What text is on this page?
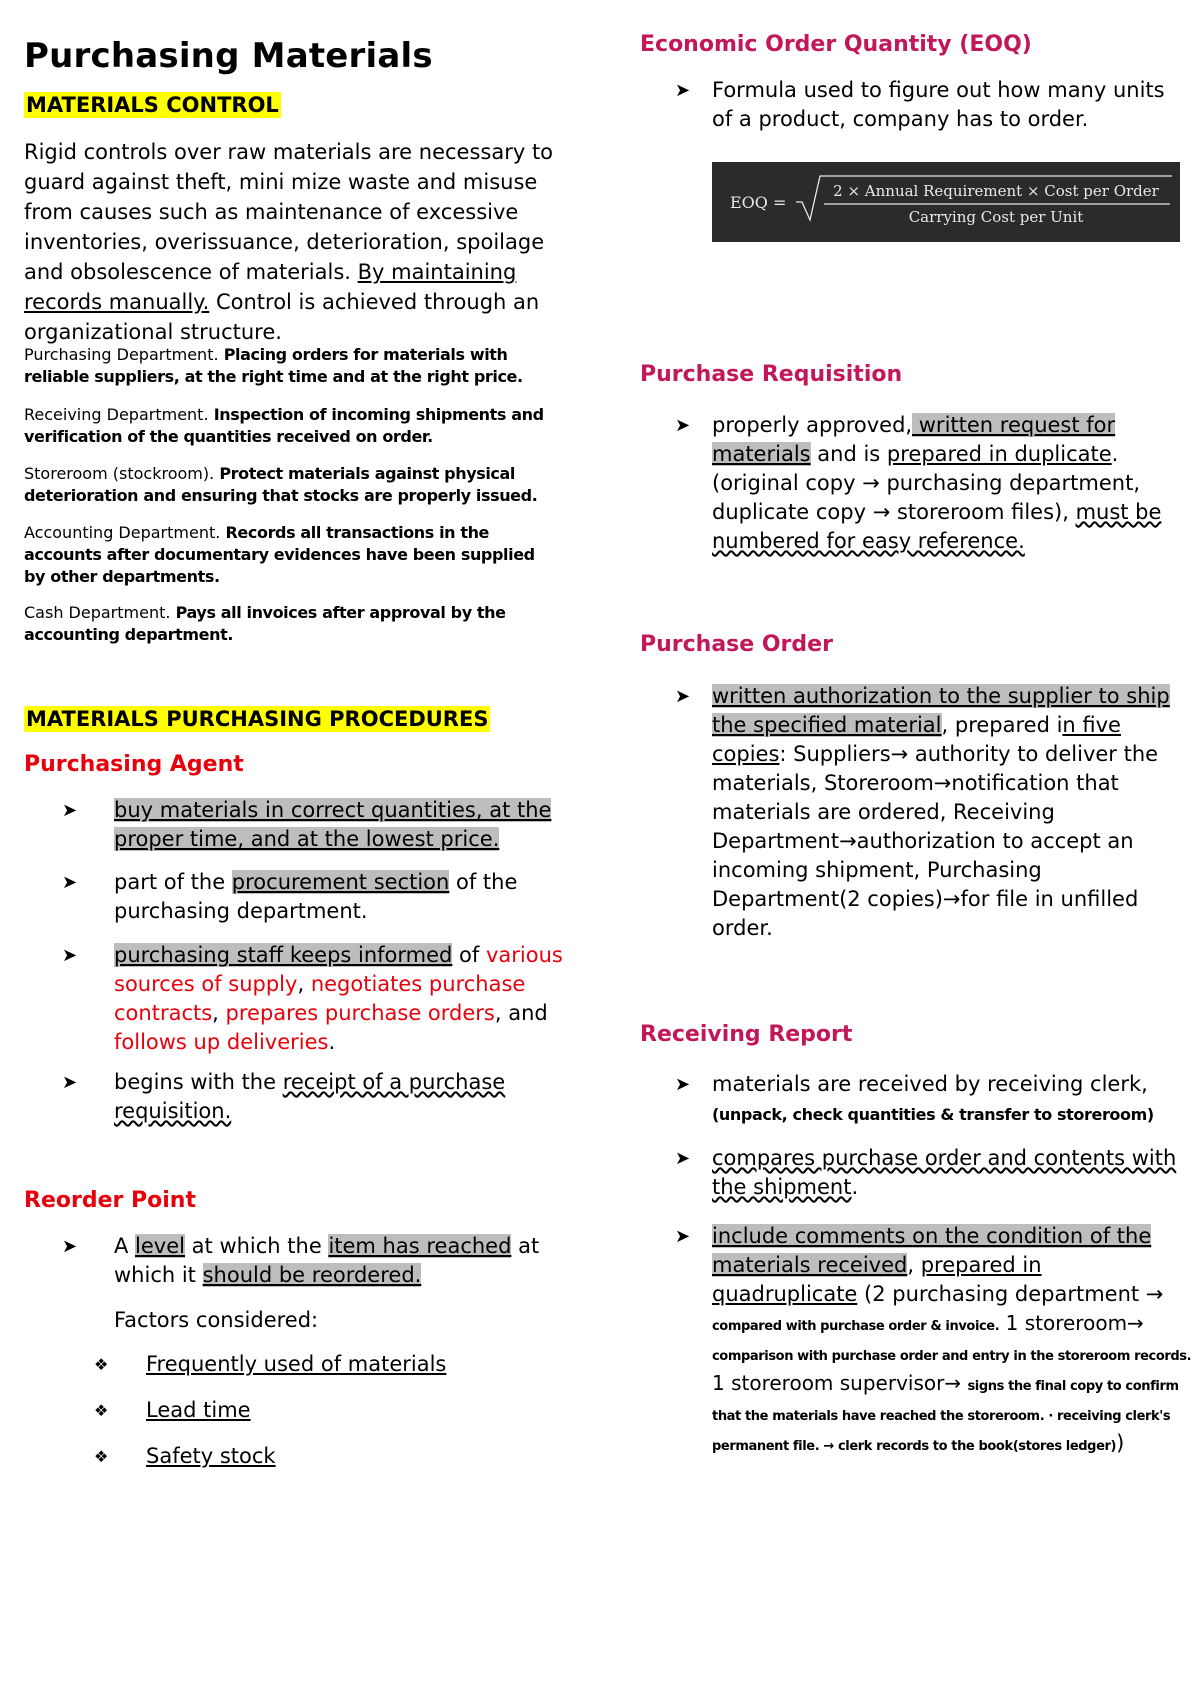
Purchasing Materials
MATERIALS CONTROL
Rigid controls over raw materials are necessary to guard against theft, mini mize waste and misuse from causes such as maintenance of excessive inventories, overissuance, deterioration, spoilage and obsolescence of materials. By maintaining records manually. Control is achieved through an organizational structure.
Purchasing Department. Placing orders for materials with reliable suppliers, at the right time and at the right price.
Receiving Department. Inspection of incoming shipments and verification of the quantities received on order.
Storeroom (stockroom). Protect materials against physical deterioration and ensuring that stocks are properly issued.
Accounting Department. Records all transactions in the accounts after documentary evidences have been supplied by other departments.
Cash Department. Pays all invoices after approval by the accounting department.
MATERIALS PURCHASING PROCEDURES
Purchasing Agent
➤ buy materials in correct quantities, at the proper time, and at the lowest price.
➤ part of the procurement section of the purchasing department.
➤ purchasing staff keeps informed of various sources of supply, negotiates purchase contracts, prepares purchase orders, and follows up deliveries.
➤ begins with the receipt of a purchase requisition.
Reorder Point
➤ A level at which the item has reached at which it should be reordered.
Factors considered:
❖ Frequently used of materials
❖ Lead time
❖ Safety stock
Economic Order Quantity (EOQ)
➤ Formula used to figure out how many units of a product, company has to order.
EOQ =
2 × Annual Requirement × Cost per Order
Carrying Cost per Unit
Purchase Requisition
➤ properly approved, written request for materials and is prepared in duplicate. (original copy → purchasing department, duplicate copy → storeroom files), must be numbered for easy reference.
Purchase Order
➤ written authorization to the supplier to ship the specified material, prepared in five copies: Suppliers→ authority to deliver the materials, Storeroom→notification that materials are ordered, Receiving Department→authorization to accept an incoming shipment, Purchasing Department(2 copies)→for file in unfilled order.
Receiving Report
➤ materials are received by receiving clerk,
(unpack, check quantities & transfer to storeroom)
➤ compares purchase order and contents with the shipment.
➤ include comments on the condition of the materials received, prepared in quadruplicate (2 purchasing department → compared with purchase order & invoice. 1 storeroom→ comparison with purchase order and entry in the storeroom records. 1 storeroom supervisor→ signs the final copy to confirm that the materials have reached the storeroom. · receiving clerk's permanent file. → clerk records to the book(stores ledger))
